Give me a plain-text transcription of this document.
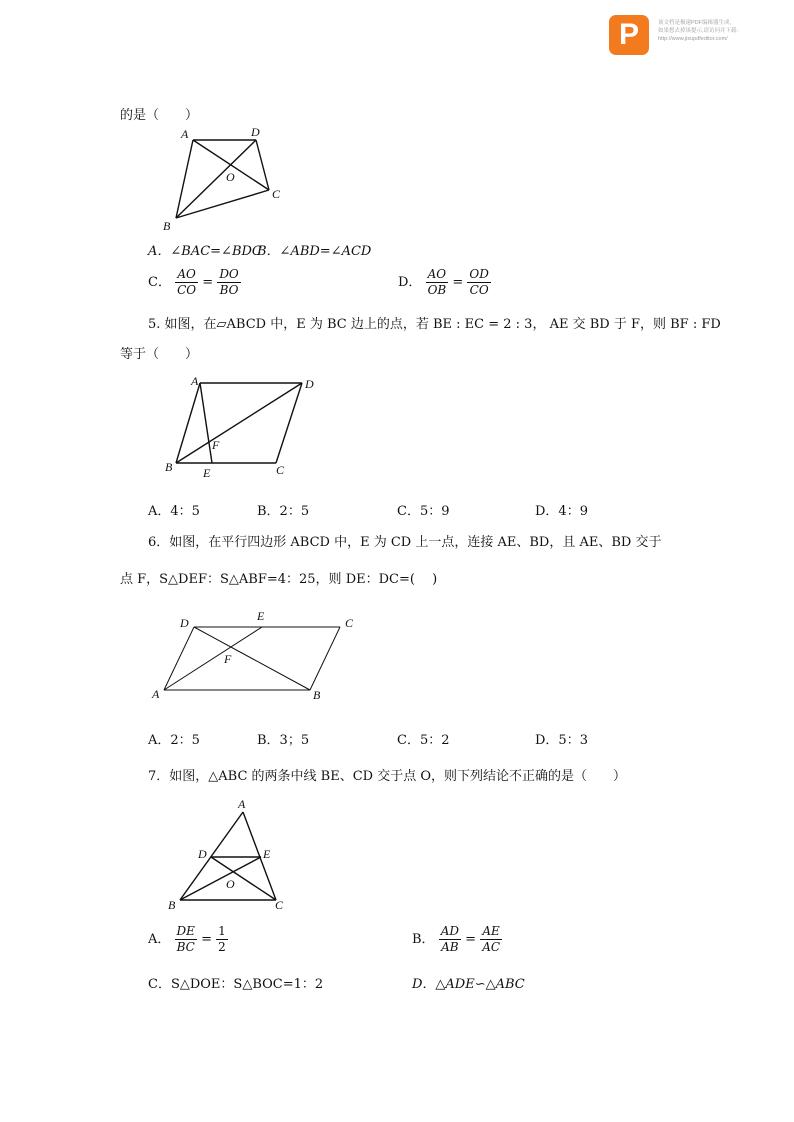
P	该文档是极速PDF编辑器生成,
如果想去掉该提示,请访问并下载:
http://www.jisupdfeditor.com/
的是（　　）
A	D
O
C
B
A．∠BAC=∠BDC
B．∠ABD=∠ACD
C． $\frac{AO}{CO} = \frac{DO}{BO}$	D． $\frac{AO}{OB} = \frac{OD}{CO}$
5. 如图，在▱ABCD 中，E 为 BC 边上的点，若 BE : EC = 2 : 3， AE 交 BD 于 F，则 BF : FD
等于（　　）
A	D
F
B	E	C
A．4：5	B．2：5	C．5：9	D．4：9
6．如图，在平行四边形 ABCD 中，E 为 CD 上一点，连接 AE、BD，且 AE、BD 交于
点 F，S△DEF：S△ABF=4：25，则 DE：DC=(　 )
D	E	C
F
A	B
A．2：5	B．3；5	C．5：2	D．5：3
7．如图，△ABC 的两条中线 BE、CD 交于点 O，则下列结论不正确的是（　　）
A
D	E
O
B	C
A． $\frac{DE}{BC} = \frac{1}{2}$	B． $\frac{AD}{AB} = \frac{AE}{AC}$
C．S△DOE：S△BOC=1：2	D．△ADE∽△ABC
